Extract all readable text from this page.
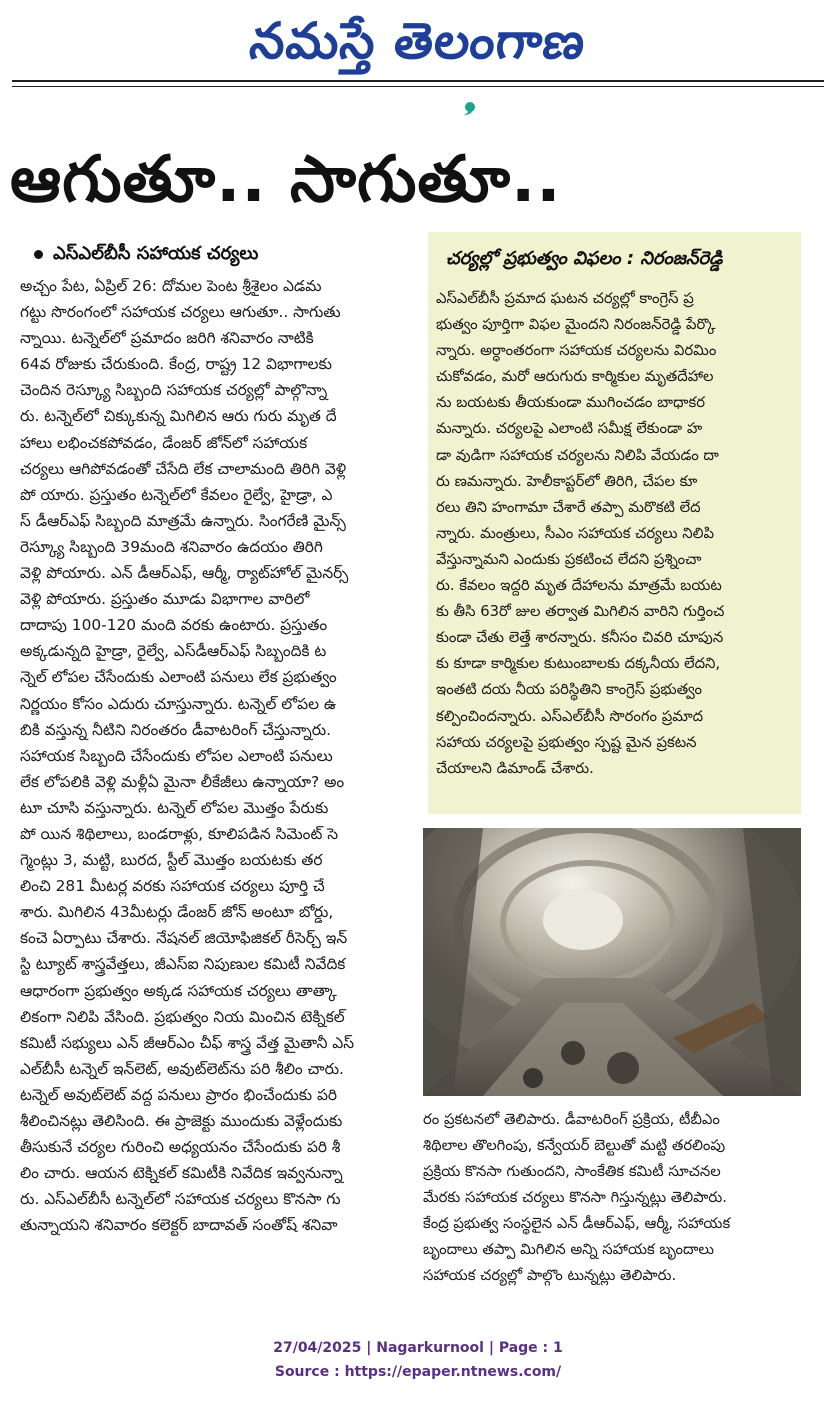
నమస్తే తెలంగాణ
ఆగుతూ.. సాగుతూ..
ఎస్‌ఎల్‌బీసీ సహాయక చర్యలు
అచ్చం పేట, ఏప్రిల్ 26: దోమల పెంట శ్రీశైలం ఎడమ
గట్టు సొరంగంలో సహాయక చర్యలు ఆగుతూ.. సాగుతు
న్నాయి. టన్నెల్‌లో ప్రమాదం జరిగి శనివారం నాటికి
64వ రోజుకు చేరుకుంది. కేంద్ర, రాష్ట్ర 12 విభాగాలకు
చెందిన రెస్క్యూ సిబ్బంది సహాయక చర్యల్లో పాల్గొన్నా
రు. టన్నెల్‌లో చిక్కుకున్న మిగిలిన ఆరు గురు మృత దే
హాలు లభించకపోవడం, డేంజర్ జోన్‌లో సహాయక
చర్యలు ఆగిపోవడంతో చేసేది లేక చాలామంది తిరిగి వెళ్లి
పో యారు. ప్రస్తుతం టన్నెల్‌లో కేవలం రైల్వే, హైడ్రా, ఎ
స్ డీఆర్ఎఫ్ సిబ్బంది మాత్రమే ఉన్నారు. సింగరేణి మైన్స్
రెస్క్యూ సిబ్బంది 39మంది శనివారం ఉదయం తిరిగి
వెళ్లి పోయారు. ఎన్ డీఆర్ఎఫ్, ఆర్మీ, ర్యాట్‌హోల్ మైనర్స్
వెళ్లి పోయారు. ప్రస్తుతం మూడు విభాగాల వారిలో
దాదాపు 100-120 మంది వరకు ఉంటారు. ప్రస్తుతం
అక్కడున్నది హైడ్రా, రైల్వే, ఎస్‌డీఆర్ఎఫ్ సిబ్బందికి ట
న్నెల్ లోపల చేసేందుకు ఎలాంటి పనులు లేక ప్రభుత్వం
నిర్ణయం కోసం ఎదురు చూస్తున్నారు. టన్నెల్ లోపల ఉ
బికి వస్తున్న నీటిని నిరంతరం డీవాటరింగ్ చేస్తున్నారు.
సహాయక సిబ్బంది చేసేందుకు లోపల ఎలాంటి పనులు
లేక లోపలికి వెళ్లి మళ్లీఏ మైనా లీకేజీలు ఉన్నాయా? అం
టూ చూసి వస్తున్నారు. టన్నెల్ లోపల మొత్తం పేరుకు
పో యిన శిథిలాలు, బండరాళ్లు, కూలిపడిన సిమెంట్ సె
గ్మెంట్లు 3, మట్టి, బురద, స్టీల్ మొత్తం బయటకు తర
లించి 281 మీటర్ల వరకు సహాయక చర్యలు పూర్తి చే
శారు. మిగిలిన 43మీటర్లు డేంజర్ జోన్ అంటూ బోర్డు,
కంచె ఏర్పాటు చేశారు. నేషనల్ జియోఫిజికల్ రీసెర్చ్ ఇన్
స్టి ట్యూట్ శాస్త్రవేత్తలు, జీఎస్ఐ నిపుణుల కమిటీ నివేదిక
ఆధారంగా ప్రభుత్వం అక్కడ సహాయక చర్యలు తాత్కా
లికంగా నిలిపి వేసింది. ప్రభుత్వం నియ మించిన టెక్నికల్
కమిటీ సభ్యులు ఎన్ జీఆర్ఎం చీఫ్ శాస్త్ర వేత్త మైతానీ ఎస్
ఎల్‌బీసీ టన్నెల్ ఇన్‌లెట్, అవుట్‌లెట్‌ను పరి శీలిం చారు.
టన్నెల్ అవుట్‌లెట్ వద్ద పనులు ప్రారం భించేందుకు పరి
శీలించినట్లు తెలిసింది. ఈ ప్రాజెక్టు ముందుకు వెళ్లేందుకు
తీసుకునే చర్యల గురించి అధ్యయనం చేసేందుకు పరి శీ
లిం చారు. ఆయన టెక్నికల్ కమిటీకి నివేదిక ఇవ్వనున్నా
రు. ఎస్‌ఎల్‌బీసీ టన్నెల్‌లో సహాయక చర్యలు కొనసా గు
తున్నాయని శనివారం కలెక్టర్ బాదావత్ సంతోష్ శనివా
చర్యల్లో ప్రభుత్వం విఫలం : నిరంజన్‌రెడ్డి
ఎస్‌ఎల్‌బీసీ ప్రమాద ఘటన చర్యల్లో కాంగ్రెస్ ప్ర
భుత్వం పూర్తిగా విఫల మైందని నిరంజన్‌రెడ్డి పేర్కొ
న్నారు. అర్ధాంతరంగా సహాయక చర్యలను విరమిం
చుకోవడం, మరో ఆరుగురు కార్మికుల మృతదేహాల
ను బయటకు తీయకుండా ముగించడం బాధాకర
మన్నారు. చర్యలపై ఎలాంటి సమీక్ష లేకుండా హ
డా వుడిగా సహాయక చర్యలను నిలిపి వేయడం దా
రు ణమన్నారు. హెలీకాప్టర్‌లో తిరిగి, చేపల కూ
రలు తిని హంగామా చేశారే తప్పా మరొకటి లేద
న్నారు. మంత్రులు, సీఎం సహాయక చర్యలు నిలిపి
వేస్తున్నామని ఎందుకు ప్రకటించ లేదని ప్రశ్నించా
రు. కేవలం ఇద్దరి మృత దేహాలను మాత్రమే బయట
కు తీసి 63రో జుల తర్వాత మిగిలిన వారిని గుర్తించ
కుండా చేతు లెత్తే శారన్నారు. కనీసం చివరి చూపున
కు కూడా కార్మికుల కుటుంబాలకు దక్కనీయ లేదని,
ఇంతటి దయ నీయ పరిస్థితిని కాంగ్రెస్ ప్రభుత్వం
కల్పించిందన్నారు. ఎస్‌ఎల్‌బీసీ సొరంగం ప్రమాద
సహాయ చర్యలపై ప్రభుత్వం స్పష్ట మైన ప్రకటన
చేయాలని డిమాండ్ చేశారు.
రం ప్రకటనలో తెలిపారు. డీవాటరింగ్ ప్రక్రియ, టీబీఎం
శిథిలాల తొలగింపు, కన్వేయర్ బెల్టుతో మట్టి తరలింపు
ప్రక్రియ కొనసా గుతుందని, సాంకేతిక కమిటీ సూచనల
మేరకు సహాయక చర్యలు కొనసా గిస్తున్నట్లు తెలిపారు.
కేంద్ర ప్రభుత్వ సంస్థలైన ఎన్ డీఆర్ఎఫ్, ఆర్మీ, సహాయక
బృందాలు తప్పా మిగిలిన అన్ని సహాయక బృందాలు
సహాయక చర్యల్లో పాల్గొం టున్నట్లు తెలిపారు.
27/04/2025 | Nagarkurnool | Page : 1
Source : https://epaper.ntnews.com/
